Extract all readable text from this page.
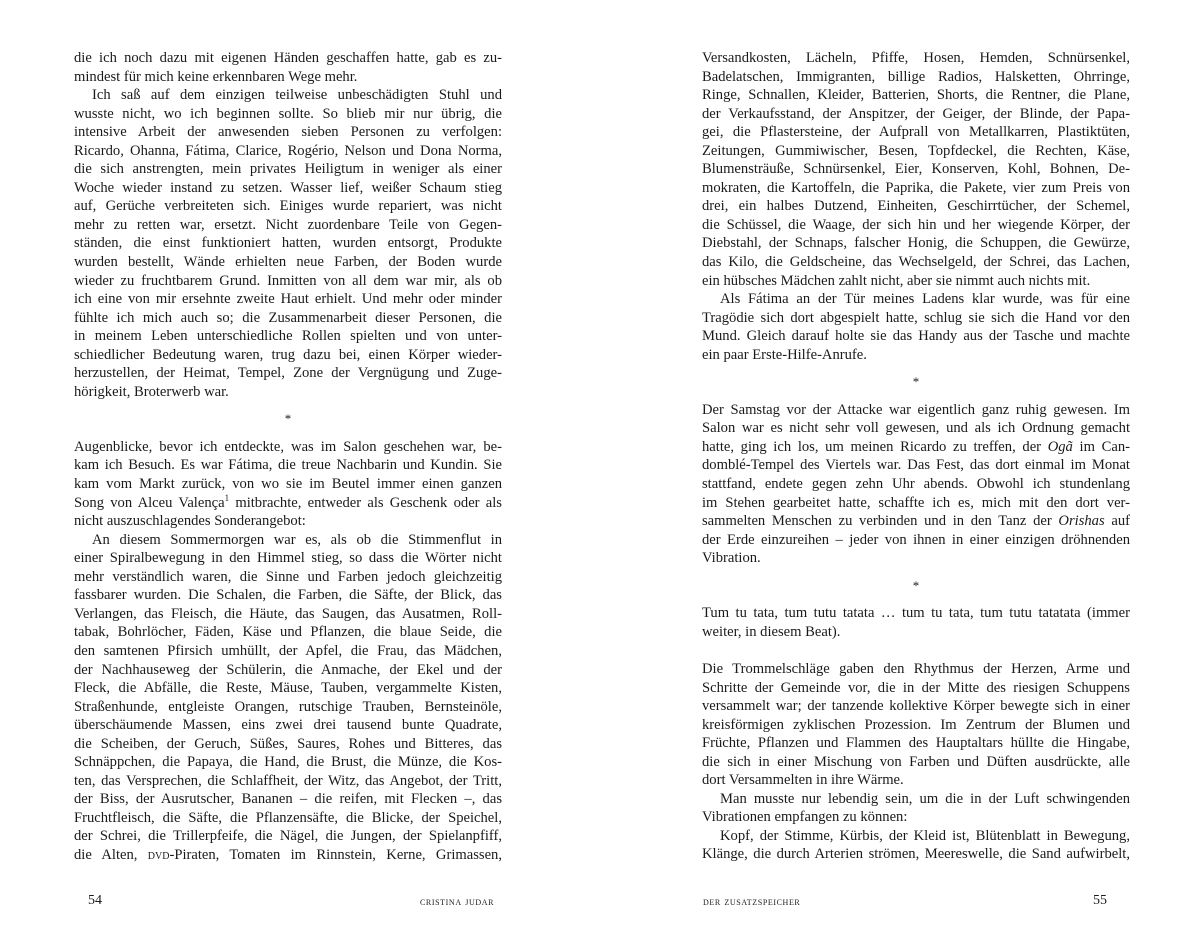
die ich noch dazu mit eigenen Händen geschaffen hatte, gab es zu-
mindest für mich keine erkennbaren Wege mehr.
Ich saß auf dem einzigen teilweise unbeschädigten Stuhl und
wusste nicht, wo ich beginnen sollte. So blieb mir nur übrig, die
intensive Arbeit der anwesenden sieben Personen zu verfolgen:
Ricardo, Ohanna, Fátima, Clarice, Rogério, Nelson und Dona Norma,
die sich anstrengten, mein privates Heiligtum in weniger als einer
Woche wieder instand zu setzen. Wasser lief, weißer Schaum stieg
auf, Gerüche verbreiteten sich. Einiges wurde repariert, was nicht
mehr zu retten war, ersetzt. Nicht zuordenbare Teile von Gegen-
ständen, die einst funktioniert hatten, wurden entsorgt, Produkte
wurden bestellt, Wände erhielten neue Farben, der Boden wurde
wieder zu fruchtbarem Grund. Inmitten von all dem war mir, als ob
ich eine von mir ersehnte zweite Haut erhielt. Und mehr oder minder
fühlte ich mich auch so; die Zusammenarbeit dieser Personen, die
in meinem Leben unterschiedliche Rollen spielten und von unter-
schiedlicher Bedeutung waren, trug dazu bei, einen Körper wieder-
herzustellen, der Heimat, Tempel, Zone der Vergnügung und Zuge-
hörigkeit, Broterwerb war.
*
Augenblicke, bevor ich entdeckte, was im Salon geschehen war, be-
kam ich Besuch. Es war Fátima, die treue Nachbarin und Kundin. Sie
kam vom Markt zurück, von wo sie im Beutel immer einen ganzen
Song von Alceu Valença$^1$ mitbrachte, entweder als Geschenk oder als
nicht auszuschlagendes Sonderangebot:
An diesem Sommermorgen war es, als ob die Stimmenflut in
einer Spiralbewegung in den Himmel stieg, so dass die Wörter nicht
mehr verständlich waren, die Sinne und Farben jedoch gleichzeitig
fassbarer wurden. Die Schalen, die Farben, die Säfte, der Blick, das
Verlangen, das Fleisch, die Häute, das Saugen, das Ausatmen, Roll-
tabak, Bohrlöcher, Fäden, Käse und Pflanzen, die blaue Seide, die
den samtenen Pfirsich umhüllt, der Apfel, die Frau, das Mädchen,
der Nachhauseweg der Schülerin, die Anmache, der Ekel und der
Fleck, die Abfälle, die Reste, Mäuse, Tauben, vergammelte Kisten,
Straßenhunde, entgleiste Orangen, rutschige Trauben, Bernsteinöle,
überschäumende Massen, eins zwei drei tausend bunte Quadrate,
die Scheiben, der Geruch, Süßes, Saures, Rohes und Bitteres, das
Schnäppchen, die Papaya, die Hand, die Brust, die Münze, die Kos-
ten, das Versprechen, die Schlaffheit, der Witz, das Angebot, der Tritt,
der Biss, der Ausrutscher, Bananen – die reifen, mit Flecken –, das
Fruchtfleisch, die Säfte, die Pflanzensäfte, die Blicke, der Speichel,
der Schrei, die Trillerpfeife, die Nägel, die Jungen, der Spielanpfiff,
die Alten, dvd-Piraten, Tomaten im Rinnstein, Kerne, Grimassen,
Versandkosten, Lächeln, Pfiffe, Hosen, Hemden, Schnürsenkel,
Badelatschen, Immigranten, billige Radios, Halsketten, Ohrringe,
Ringe, Schnallen, Kleider, Batterien, Shorts, die Rentner, die Plane,
der Verkaufsstand, der Anspitzer, der Geiger, der Blinde, der Papa-
gei, die Pflastersteine, der Aufprall von Metallkarren, Plastiktüten,
Zeitungen, Gummiwischer, Besen, Topfdeckel, die Rechten, Käse,
Blumensträuße, Schnürsenkel, Eier, Konserven, Kohl, Bohnen, De-
mokraten, die Kartoffeln, die Paprika, die Pakete, vier zum Preis von
drei, ein halbes Dutzend, Einheiten, Geschirrtücher, der Schemel,
die Schüssel, die Waage, der sich hin und her wiegende Körper, der
Diebstahl, der Schnaps, falscher Honig, die Schuppen, die Gewürze,
das Kilo, die Geldscheine, das Wechselgeld, der Schrei, das Lachen,
ein hübsches Mädchen zahlt nicht, aber sie nimmt auch nichts mit.
Als Fátima an der Tür meines Ladens klar wurde, was für eine
Tragödie sich dort abgespielt hatte, schlug sie sich die Hand vor den
Mund. Gleich darauf holte sie das Handy aus der Tasche und machte
ein paar Erste-Hilfe-Anrufe.
*
Der Samstag vor der Attacke war eigentlich ganz ruhig gewesen. Im
Salon war es nicht sehr voll gewesen, und als ich Ordnung gemacht
hatte, ging ich los, um meinen Ricardo zu treffen, der Ogã im Can-
domblé-Tempel des Viertels war. Das Fest, das dort einmal im Monat
stattfand, endete gegen zehn Uhr abends. Obwohl ich stundenlang
im Stehen gearbeitet hatte, schaffte ich es, mich mit den dort ver-
sammelten Menschen zu verbinden und in den Tanz der Orishas auf
der Erde einzureihen – jeder von ihnen in einer einzigen dröhnenden
Vibration.
*
Tum tu tata, tum tutu tatata … tum tu tata, tum tutu tatatata (immer
weiter, in diesem Beat).
Die Trommelschläge gaben den Rhythmus der Herzen, Arme und
Schritte der Gemeinde vor, die in der Mitte des riesigen Schuppens
versammelt war; der tanzende kollektive Körper bewegte sich in einer
kreisförmigen zyklischen Prozession. Im Zentrum der Blumen und
Früchte, Pflanzen und Flammen des Hauptaltars hüllte die Hingabe,
die sich in einer Mischung von Farben und Düften ausdrückte, alle
dort Versammelten in ihre Wärme.
Man musste nur lebendig sein, um die in der Luft schwingenden
Vibrationen empfangen zu können:
Kopf, der Stimme, Kürbis, der Kleid ist, Blütenblatt in Bewegung,
Klänge, die durch Arterien strömen, Meereswelle, die Sand aufwirbelt,
54	cristina judar	der zusatzspeicher	55
